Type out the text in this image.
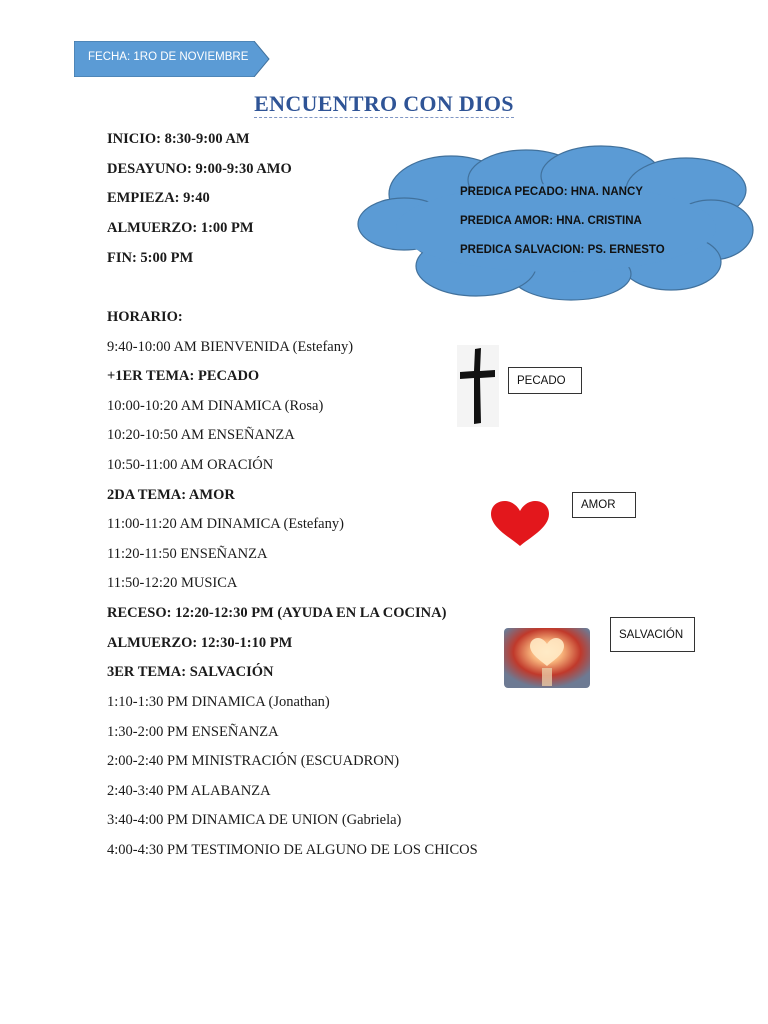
FECHA: 1RO DE NOVIEMBRE
ENCUENTRO CON DIOS
INICIO: 8:30-9:00 AM
DESAYUNO: 9:00-9:30 AMO
EMPIEZA: 9:40
ALMUERZO: 1:00 PM
FIN: 5:00 PM
PREDICA PECADO: HNA. NANCY
PREDICA AMOR: HNA. CRISTINA
PREDICA SALVACION: PS. ERNESTO
HORARIO:
9:40-10:00 AM BIENVENIDA (Estefany)
+1ER TEMA: PECADO
10:00-10:20 AM DINAMICA (Rosa)
10:20-10:50 AM ENSEÑANZA
10:50-11:00 AM ORACIÓN
2DA TEMA: AMOR
11:00-11:20 AM DINAMICA (Estefany)
11:20-11:50 ENSEÑANZA
11:50-12:20 MUSICA
RECESO: 12:20-12:30 PM (AYUDA EN LA COCINA)
ALMUERZO: 12:30-1:10 PM
3ER TEMA: SALVACIÓN
1:10-1:30 PM DINAMICA (Jonathan)
1:30-2:00 PM ENSEÑANZA
2:00-2:40 PM MINISTRACIÓN (ESCUADRON)
2:40-3:40 PM ALABANZA
3:40-4:00 PM DINAMICA DE UNION (Gabriela)
4:00-4:30 PM TESTIMONIO DE ALGUNO DE LOS CHICOS
PECADO
AMOR
SALVACIÓN
